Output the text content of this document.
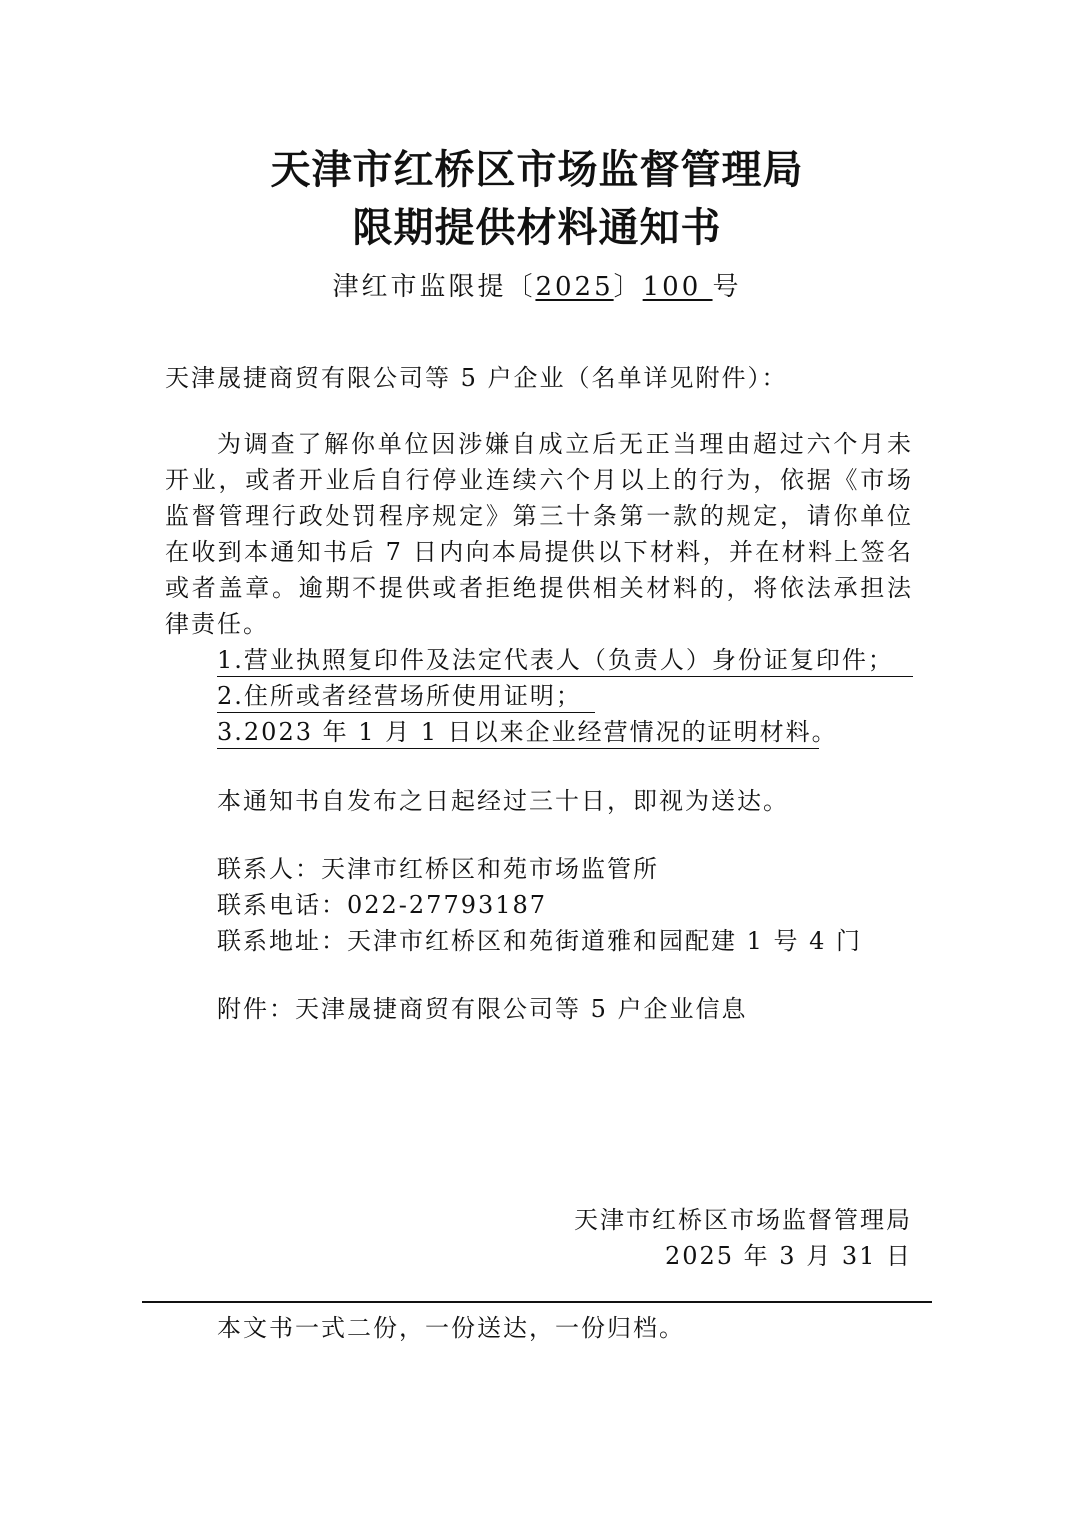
天津市红桥区市场监督管理局
限期提供材料通知书
津红市监限提〔2025〕100 号
天津晟捷商贸有限公司等 5 户企业（名单详见附件）：
为调查了解你单位因涉嫌自成立后无正当理由超过六个月未开业，或者开业后自行停业连续六个月以上的行为，依据《市场监督管理行政处罚程序规定》第三十条第一款的规定，请你单位在收到本通知书后 7 日内向本局提供以下材料，并在材料上签名或者盖章。逾期不提供或者拒绝提供相关材料的，将依法承担法律责任。
1.营业执照复印件及法定代表人（负责人）身份证复印件；
2.住所或者经营场所使用证明；
3.2023 年 1 月 1 日以来企业经营情况的证明材料。
本通知书自发布之日起经过三十日，即视为送达。
联系人：天津市红桥区和苑市场监管所
联系电话：022-27793187
联系地址：天津市红桥区和苑街道雅和园配建 1 号 4 门
附件：天津晟捷商贸有限公司等 5 户企业信息
天津市红桥区市场监督管理局
2025 年 3 月 31 日
本文书一式二份，一份送达，一份归档。
